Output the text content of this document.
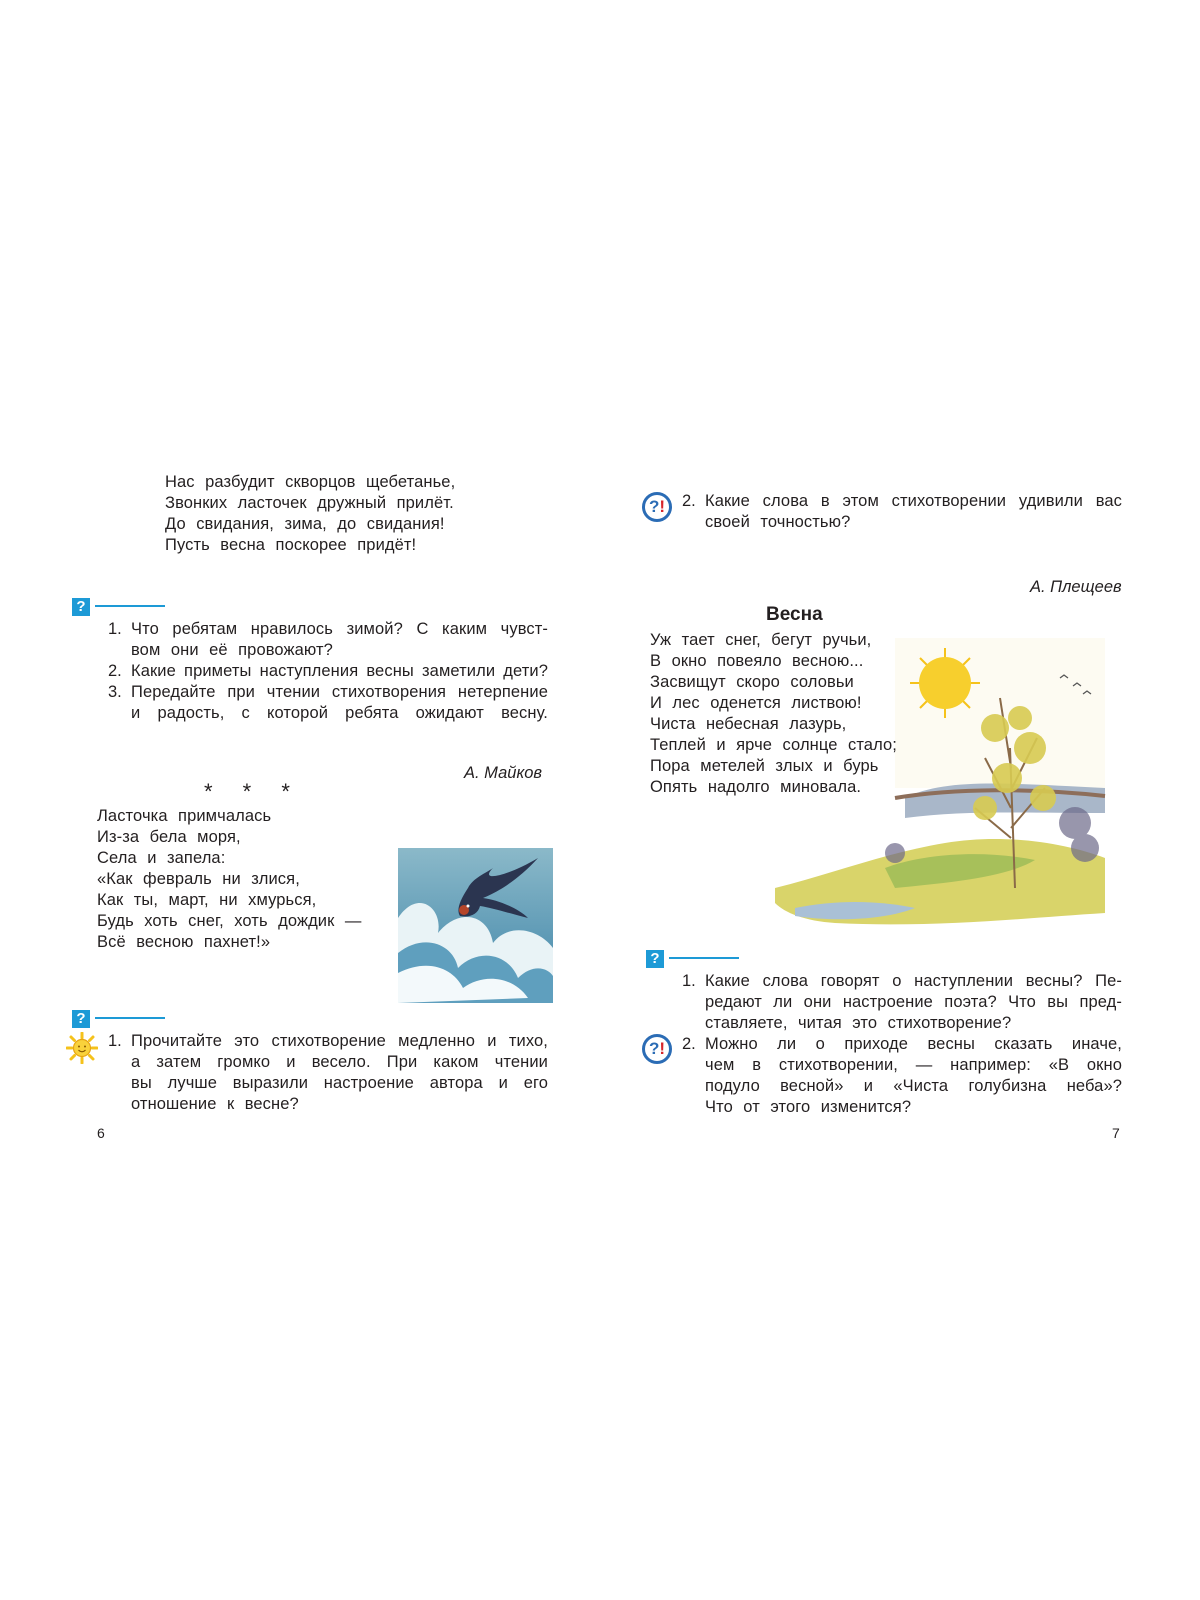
Нас разбудит скворцов щебетанье,
Звонких ласточек дружный прилёт.
До свидания, зима, до свидания!
Пусть весна поскорее придёт!
?
1. Что ребятам нравилось зимой? С каким чувст-
вом они её провожают?
2. Какие приметы наступления весны заметили дети?
3. Передайте при чтении стихотворения нетерпение
и радость, с которой ребята ожидают весну.
А. Майков
* * *
Ласточка примчалась
Из-за бела моря,
Села и запела:
«Как февраль ни злися,
Как ты, март, ни хмурься,
Будь хоть снег, хоть дождик —
Всё весною пахнет!»
?
1. Прочитайте это стихотворение медленно и тихо,
а затем громко и весело. При каком чтении
вы лучше выразили настроение автора и его
отношение к весне?
6
?!	2. Какие слова в этом стихотворении удивили вас
своей точностью?
А. Плещеев
Весна
Уж тает снег, бегут ручьи,
В окно повеяло весною...
Засвищут скоро соловьи
И лес оденется листвою!
Чиста небесная лазурь,
Теплей и ярче солнце стало;
Пора метелей злых и бурь
Опять надолго миновала.
?
1. Какие слова говорят о наступлении весны? Пе-
редают ли они настроение поэта? Что вы пред-
ставляете, читая это стихотворение?
?!	2. Можно ли о приходе весны сказать иначе,
чем в стихотворении, — например: «В окно
подуло весной» и «Чиста голубизна неба»?
Что от этого изменится?
7
